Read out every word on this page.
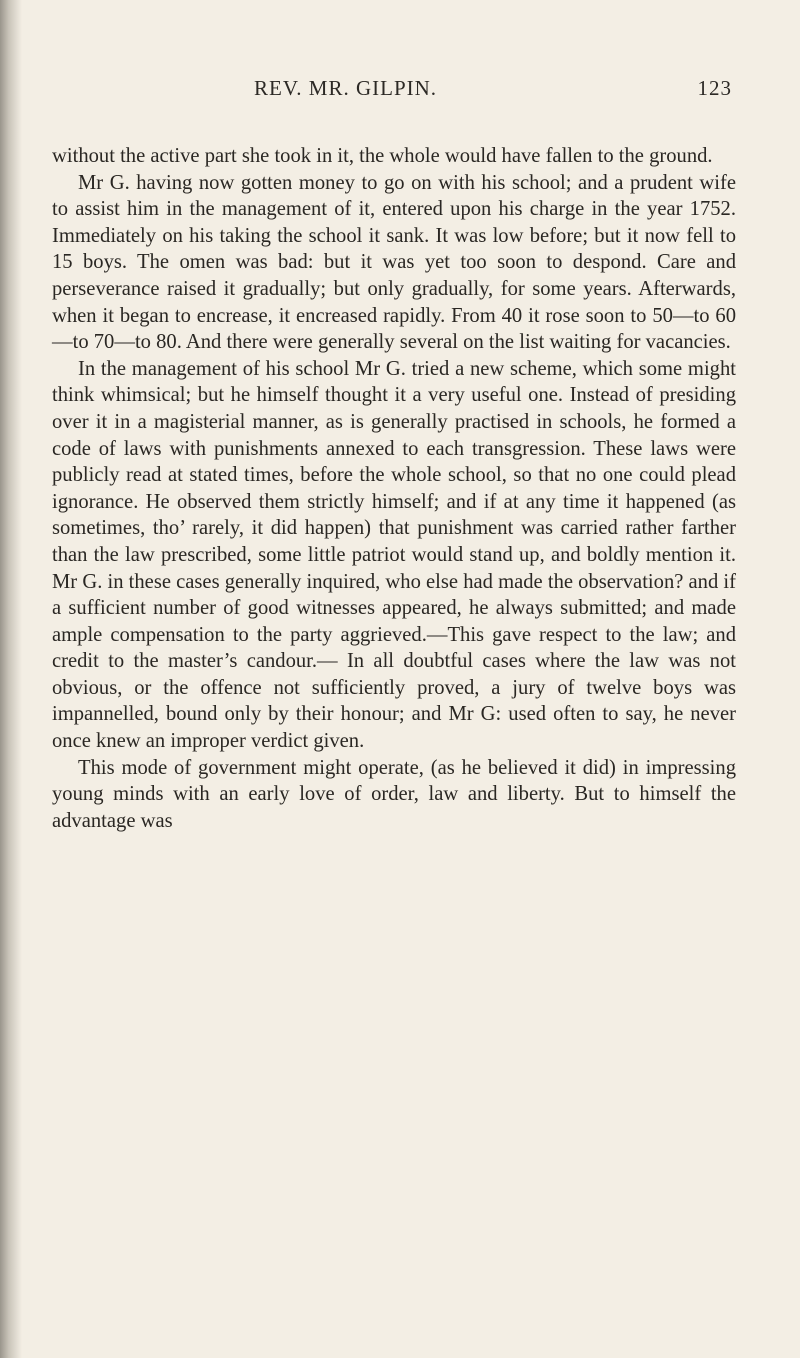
REV. MR. GILPIN.	123

without the active part she took in it, the whole would have fallen to the ground.

Mr G. having now gotten money to go on with his school; and a prudent wife to assist him in the management of it, entered upon his charge in the year 1752. Immediately on his taking the school it sank. It was low before; but it now fell to 15 boys. The omen was bad: but it was yet too soon to despond. Care and perseverance raised it gradually; but only gradually, for some years. Afterwards, when it began to encrease, it encreased rapidly. From 40 it rose soon to 50—to 60—to 70—to 80. And there were generally several on the list waiting for vacancies.

In the management of his school Mr G. tried a new scheme, which some might think whimsical; but he himself thought it a very useful one. Instead of presiding over it in a magisterial manner, as is generally practised in schools, he formed a code of laws with punishments annexed to each transgression. These laws were publicly read at stated times, before the whole school, so that no one could plead ignorance. He observed them strictly himself; and if at any time it happened (as sometimes, tho’ rarely, it did happen) that punishment was carried rather farther than the law prescribed, some little patriot would stand up, and boldly mention it. Mr G. in these cases generally inquired, who else had made the observation? and if a sufficient number of good witnesses appeared, he always submitted; and made ample compensation to the party aggrieved.—This gave respect to the law; and credit to the master’s candour.— In all doubtful cases where the law was not obvious, or the offence not sufficiently proved, a jury of twelve boys was impannelled, bound only by their honour; and Mr G: used often to say, he never once knew an improper verdict given.

This mode of government might operate, (as he believed it did) in impressing young minds with an early love of order, law and liberty. But to himself the advantage was
